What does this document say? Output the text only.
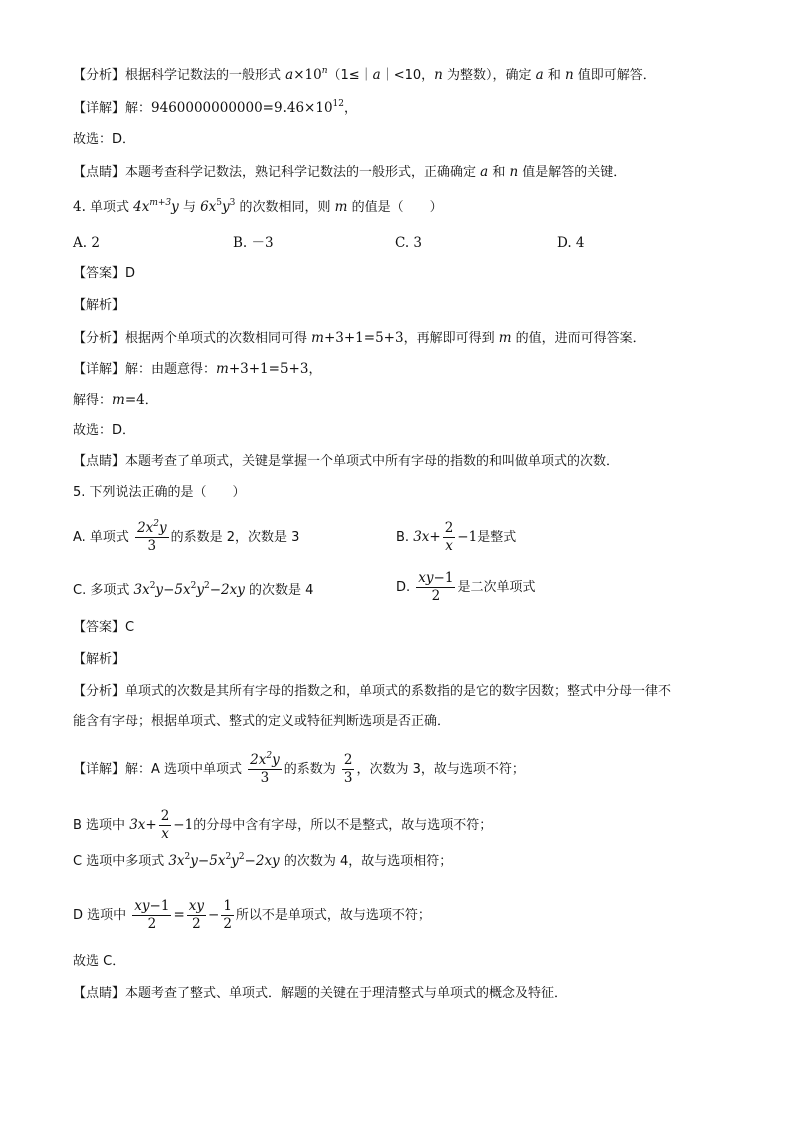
【分析】根据科学记数法的一般形式 $a\times 10^n(1\le|a|<10$，n 为整数），确定 a 和 n 值即可解答．
【详解】解：$9460000000000=9.46\times 10^{12}$，
故选：D．
【点睛】本题考查科学记数法，熟记科学记数法的一般形式，正确确定 a 和 n 值是解答的关键．
4. 单项式 $4x^{m+3}y$ 与 $6x^5y^3$ 的次数相同，则 m 的值是（　　）
A. 2	B. －3	C. 3	D. 4
【答案】D
【解析】
【分析】根据两个单项式的次数相同可得 m+3+1=5+3，再解即可得到 m 的值，进而可得答案．
【详解】解：由题意得：m+3+1=5+3，
解得：m=4．
故选：D．
【点睛】本题考查了单项式，关键是掌握一个单项式中所有字母的指数的和叫做单项式的次数．
5. 下列说法正确的是（　　）
A. 单项式 $\frac{2x^2y}{3}$ 的系数是 2，次数是 3	B. $3x+ \frac{2}{x} -1$是整式
C. 多项式 $3x^2y-5x^2y^2-2xy$ 的次数是 4	D. $\frac{xy-1}{2}$ 是二次单项式
【答案】C
【解析】
【分析】单项式的次数是其所有字母的指数之和，单项式的系数指的是它的数字因数；整式中分母一律不
能含有字母；根据单项式、整式的定义或特征判断选项是否正确．
【详解】解：A 选项中单项式 $\frac{2x^2y}{3}$ 的系数为 $\frac{2}{3}$ ，次数为 3，故与选项不符；
B 选项中 $3x+ \frac{2}{x} -1$的分母中含有字母，所以不是整式，故与选项不符；
C 选项中多项式 $3x^2y-5x^2y^2-2xy$ 的次数为 4，故与选项相符；
D 选项中 $\frac{xy-1}{2} = \frac{xy}{2} - \frac{1}{2}$ 所以不是单项式，故与选项不符；
故选 C．
【点睛】本题考查了整式、单项式．解题的关键在于理清整式与单项式的概念及特征．
